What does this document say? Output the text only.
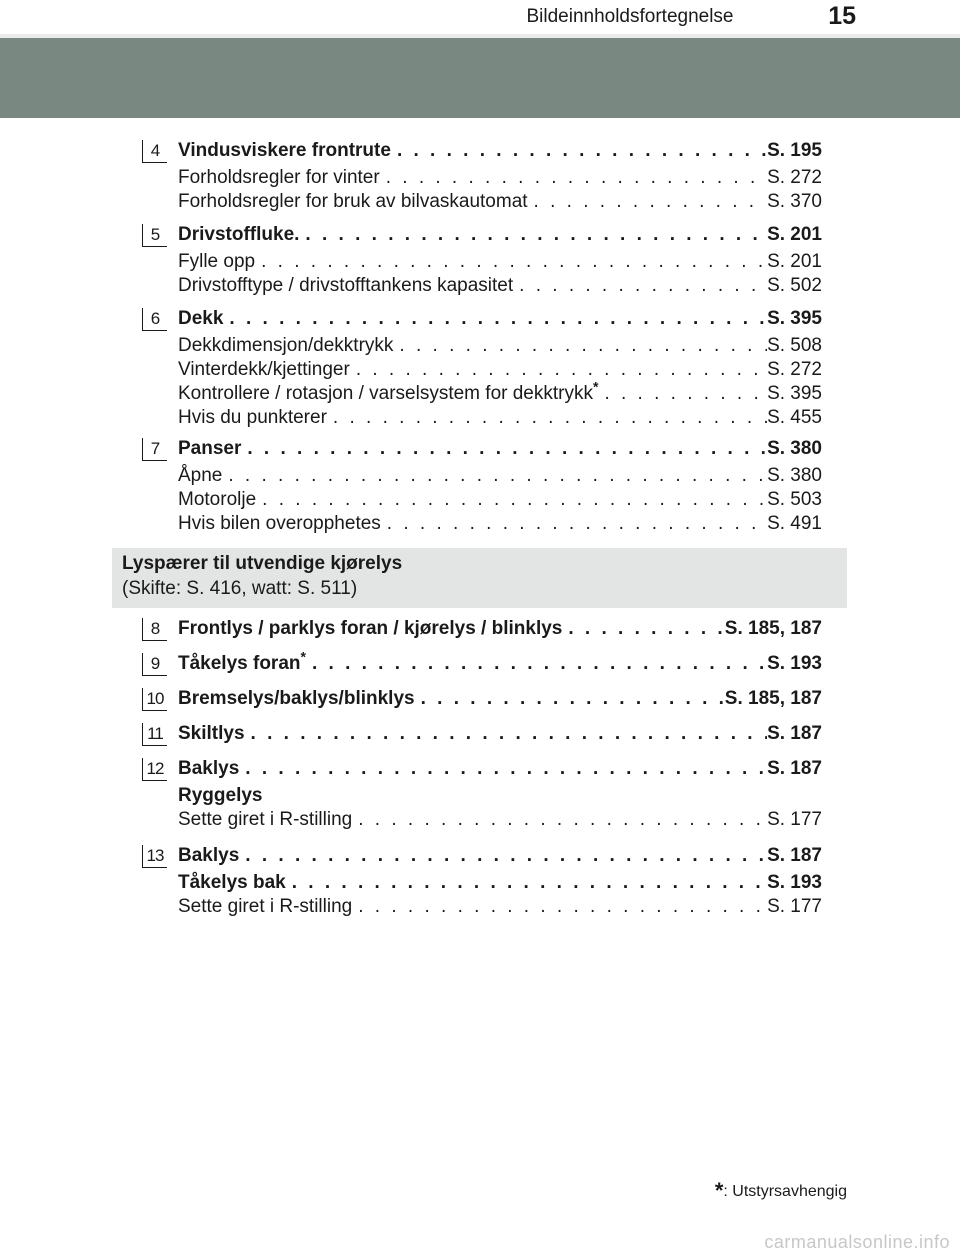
Bildeinnholdsfortegnelse	15
4 Vindusviskere frontrute . . .	S. 195
Forholdsregler for vinter . . .	S. 272
Forholdsregler for bruk av bilvaskautomat . . .	S. 370
5 Drivstoffluke. . . .	S. 201
Fylle opp . . .	S. 201
Drivstofftype / drivstofftankens kapasitet . . .	S. 502
6 Dekk . . .	S. 395
Dekkdimensjon/dekktrykk . . .	S. 508
Vinterdekk/kjettinger . . .	S. 272
Kontrollere / rotasjon / varselsystem for dekktrykk* . . .	S. 395
Hvis du punkterer . . .	S. 455
7 Panser . . .	S. 380
Åpne . . .	S. 380
Motorolje . . .	S. 503
Hvis bilen overopphetes . . .	S. 491
Lyspærer til utvendige kjørelys
(Skifte: S. 416, watt: S. 511)
8 Frontlys / parklys foran / kjørelys / blinklys . . .	S. 185, 187
9 Tåkelys foran* . . .	S. 193
10 Bremselys/baklys/blinklys . . .	S. 185, 187
11 Skiltlys . . .	S. 187
12 Baklys . . .	S. 187
Ryggelys
Sette giret i R-stilling . . .	S. 177
13 Baklys . . .	S. 187
Tåkelys bak . . .	S. 193
Sette giret i R-stilling . . .	S. 177
*: Utstyrsavhengig
carmanualsonline.info
